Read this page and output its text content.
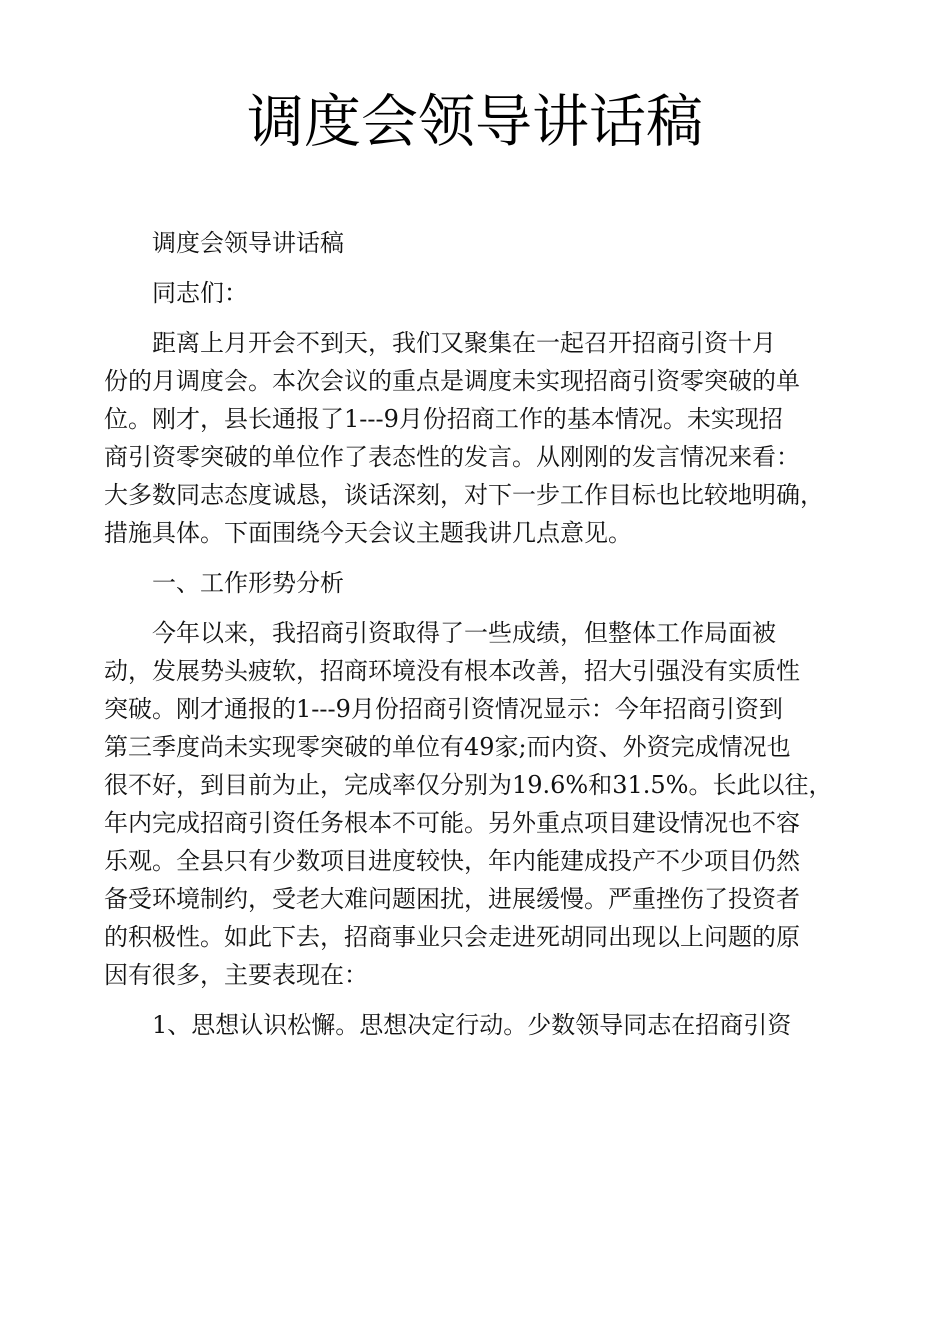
调度会领导讲话稿
调度会领导讲话稿
同志们：
距离上月开会不到天，我们又聚集在一起召开招商引资十月
份的月调度会。本次会议的重点是调度未实现招商引资零突破的单
位。刚才，县长通报了1---9月份招商工作的基本情况。未实现招
商引资零突破的单位作了表态性的发言。从刚刚的发言情况来看：
大多数同志态度诚恳，谈话深刻，对下一步工作目标也比较地明确，
措施具体。下面围绕今天会议主题我讲几点意见。
一、工作形势分析
今年以来，我招商引资取得了一些成绩，但整体工作局面被
动，发展势头疲软，招商环境没有根本改善，招大引强没有实质性
突破。刚才通报的1---9月份招商引资情况显示：今年招商引资到
第三季度尚未实现零突破的单位有49家;而内资、外资完成情况也
很不好，到目前为止，完成率仅分别为19.6%和31.5%。长此以往，
年内完成招商引资任务根本不可能。另外重点项目建设情况也不容
乐观。全县只有少数项目进度较快，年内能建成投产不少项目仍然
备受环境制约，受老大难问题困扰，进展缓慢。严重挫伤了投资者
的积极性。如此下去，招商事业只会走进死胡同出现以上问题的原
因有很多，主要表现在：
1、思想认识松懈。思想决定行动。少数领导同志在招商引资
